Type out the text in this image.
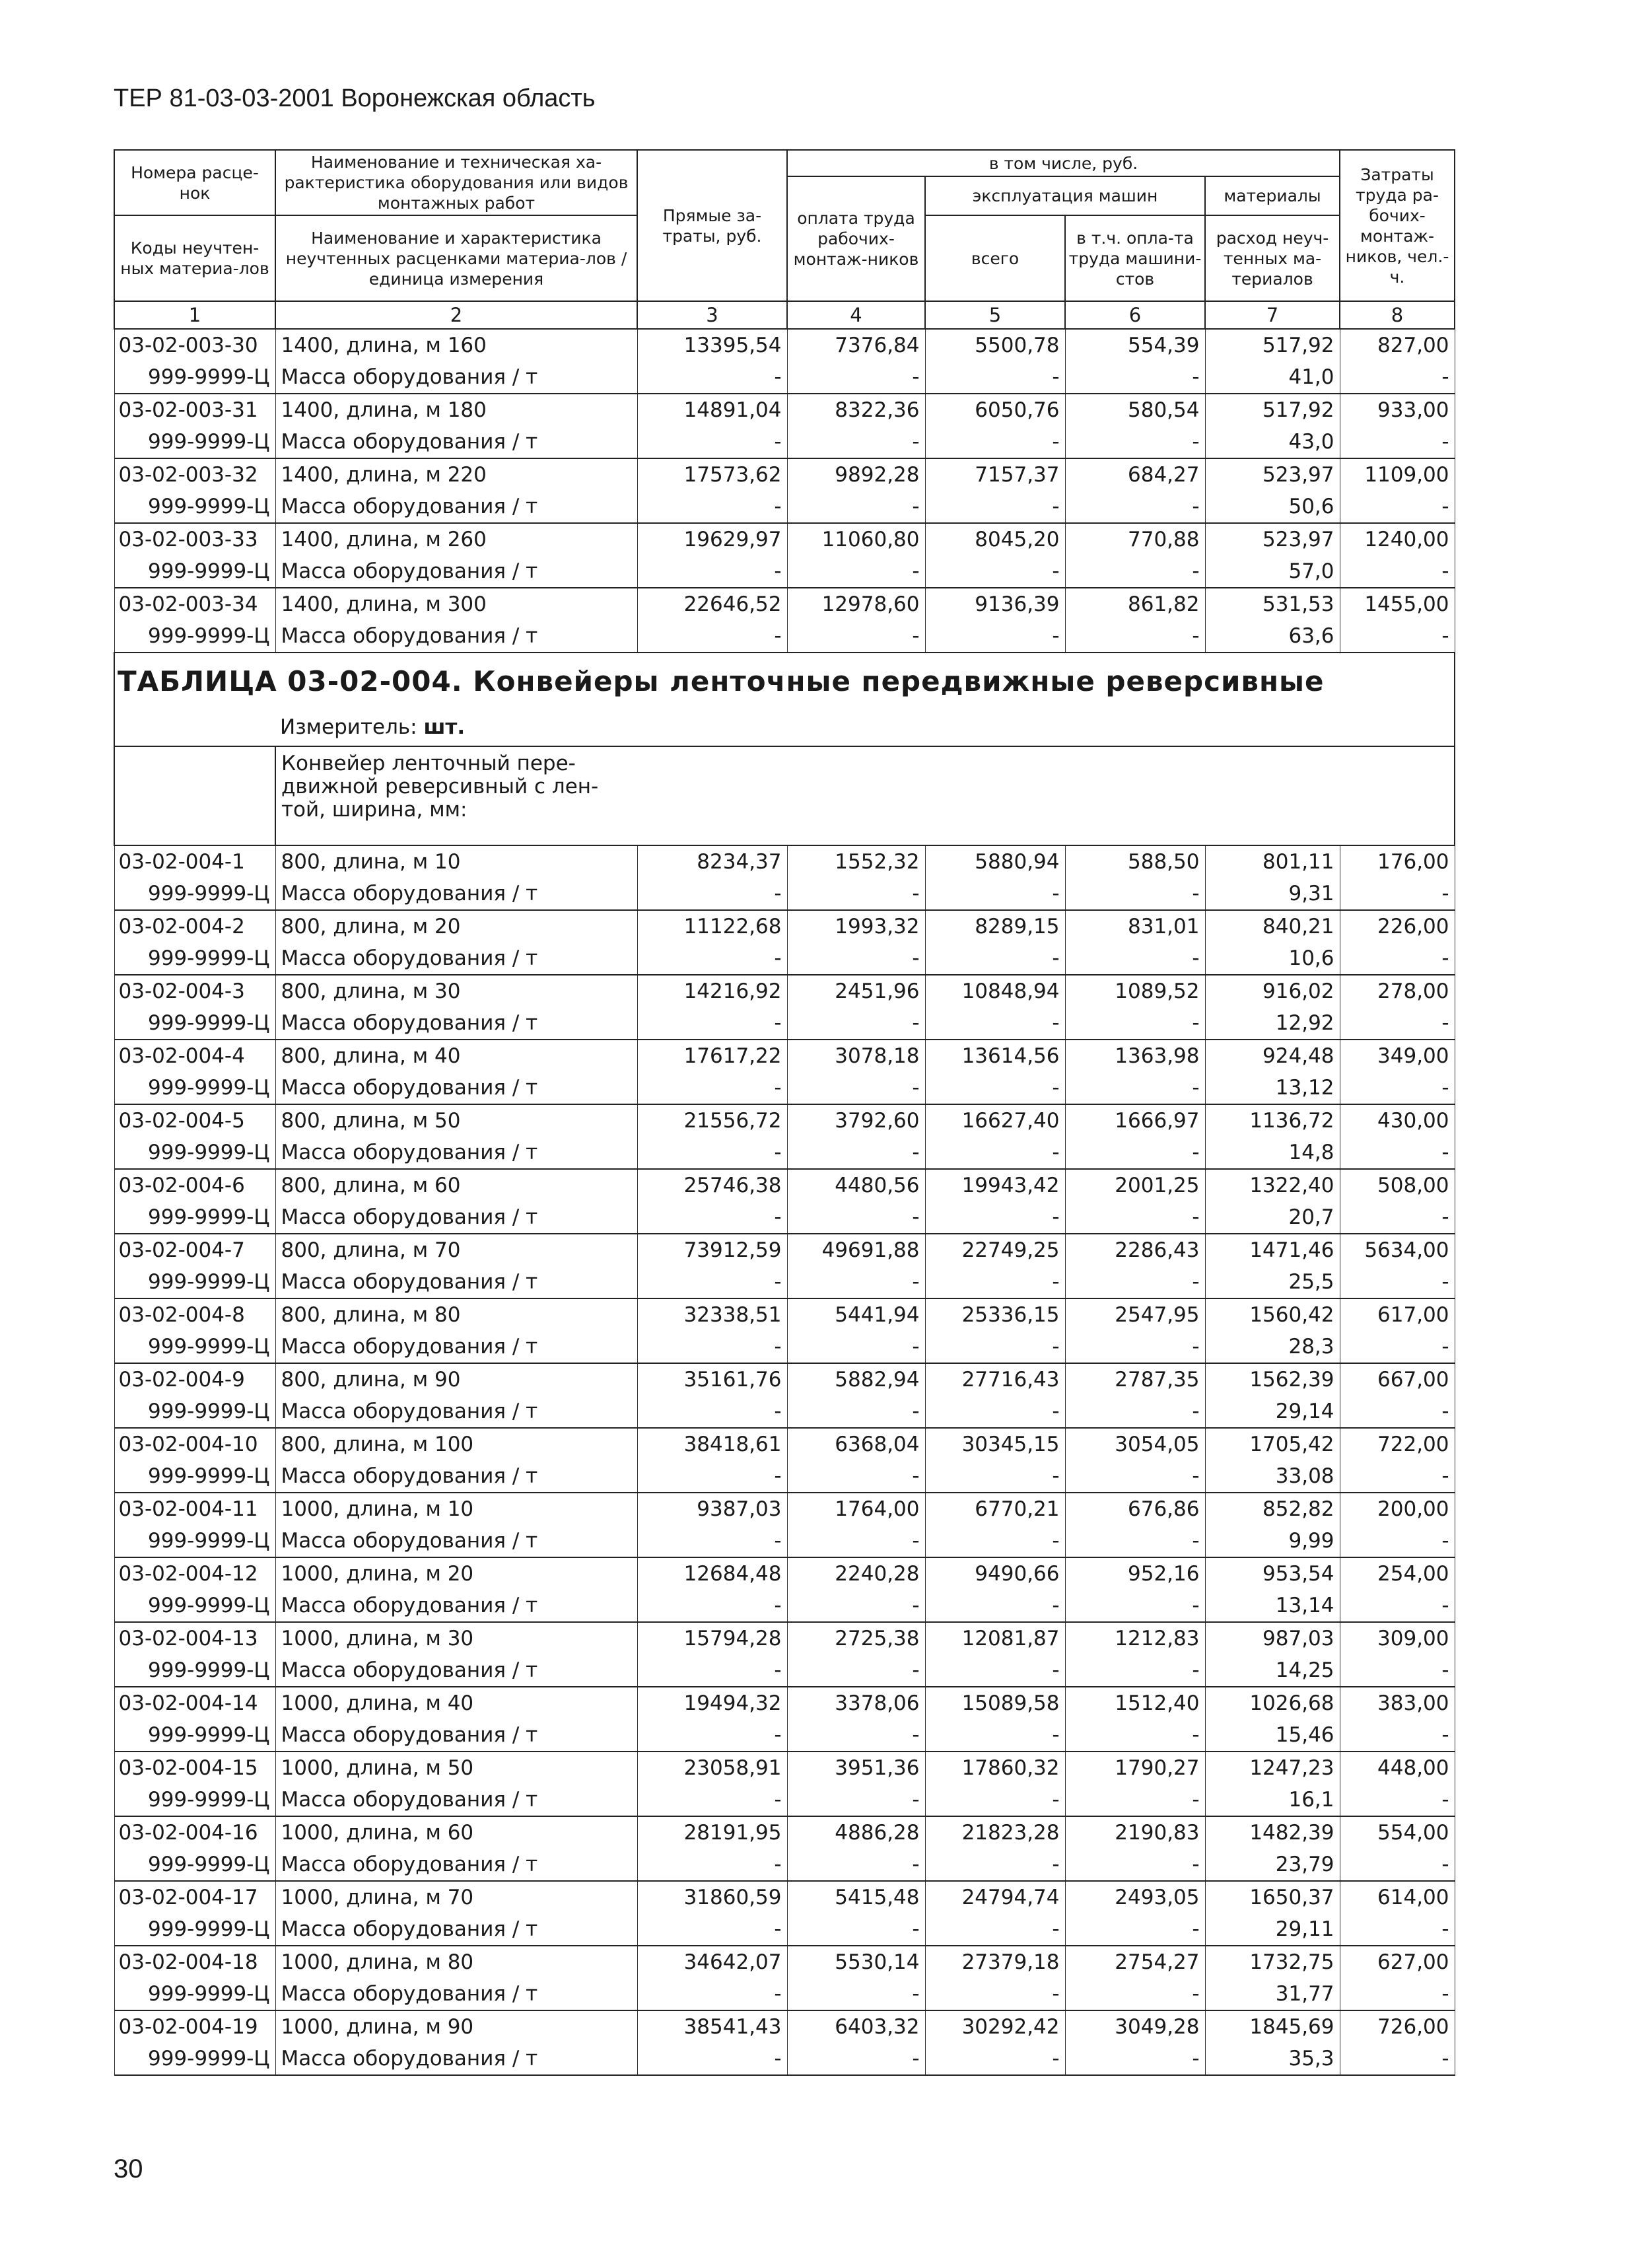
ТЕР 81-03-03-2001 Воронежская область
Номера расце-нок	Наименование и техническая ха-рактеристика оборудования или видов монтажных работ	Прямые за-траты, руб.	в том числе, руб.				Затраты труда ра-бочих-монтаж-ников, чел.-ч.
			оплата труда рабочих-монтаж-ников	эксплуатация машин		материалы	
Коды неучтен-ных материа-лов	Наименование и характеристика неучтенных расценками материа-лов / единица измерения			всего	в т.ч. опла-та труда машини-стов	расход неуч-тенных ма-териалов	

1	2	3	4	5	6	7	8
03-02-003-30	1400, длина, м 160	13395,54	7376,84	5500,78	554,39	517,92	827,00
999-9999-Ц	Масса оборудования / т	-	-	-	-	41,0	-
03-02-003-31	1400, длина, м 180	14891,04	8322,36	6050,76	580,54	517,92	933,00
999-9999-Ц	Масса оборудования / т	-	-	-	-	43,0	-
03-02-003-32	1400, длина, м 220	17573,62	9892,28	7157,37	684,27	523,97	1109,00
999-9999-Ц	Масса оборудования / т	-	-	-	-	50,6	-
03-02-003-33	1400, длина, м 260	19629,97	11060,80	8045,20	770,88	523,97	1240,00
999-9999-Ц	Масса оборудования / т	-	-	-	-	57,0	-
03-02-003-34	1400, длина, м 300	22646,52	12978,60	9136,39	861,82	531,53	1455,00
999-9999-Ц	Масса оборудования / т	-	-	-	-	63,6	-
ТАБЛИЦА 03-02-004. Конвейеры ленточные передвижные реверсивные							
Измеритель: шт.							

	Конвейер ленточный пере-движной реверсивный с лен-той, ширина, мм:						

03-02-004-1	800, длина, м 10	8234,37	1552,32	5880,94	588,50	801,11	176,00
999-9999-Ц	Масса оборудования / т	-	-	-	-	9,31	-
03-02-004-2	800, длина, м 20	11122,68	1993,32	8289,15	831,01	840,21	226,00
999-9999-Ц	Масса оборудования / т	-	-	-	-	10,6	-
03-02-004-3	800, длина, м 30	14216,92	2451,96	10848,94	1089,52	916,02	278,00
999-9999-Ц	Масса оборудования / т	-	-	-	-	12,92	-
03-02-004-4	800, длина, м 40	17617,22	3078,18	13614,56	1363,98	924,48	349,00
999-9999-Ц	Масса оборудования / т	-	-	-	-	13,12	-
03-02-004-5	800, длина, м 50	21556,72	3792,60	16627,40	1666,97	1136,72	430,00
999-9999-Ц	Масса оборудования / т	-	-	-	-	14,8	-
03-02-004-6	800, длина, м 60	25746,38	4480,56	19943,42	2001,25	1322,40	508,00
999-9999-Ц	Масса оборудования / т	-	-	-	-	20,7	-
03-02-004-7	800, длина, м 70	73912,59	49691,88	22749,25	2286,43	1471,46	5634,00
999-9999-Ц	Масса оборудования / т	-	-	-	-	25,5	-
03-02-004-8	800, длина, м 80	32338,51	5441,94	25336,15	2547,95	1560,42	617,00
999-9999-Ц	Масса оборудования / т	-	-	-	-	28,3	-
03-02-004-9	800, длина, м 90	35161,76	5882,94	27716,43	2787,35	1562,39	667,00
999-9999-Ц	Масса оборудования / т	-	-	-	-	29,14	-
03-02-004-10	800, длина, м 100	38418,61	6368,04	30345,15	3054,05	1705,42	722,00
999-9999-Ц	Масса оборудования / т	-	-	-	-	33,08	-
03-02-004-11	1000, длина, м 10	9387,03	1764,00	6770,21	676,86	852,82	200,00
999-9999-Ц	Масса оборудования / т	-	-	-	-	9,99	-
03-02-004-12	1000, длина, м 20	12684,48	2240,28	9490,66	952,16	953,54	254,00
999-9999-Ц	Масса оборудования / т	-	-	-	-	13,14	-
03-02-004-13	1000, длина, м 30	15794,28	2725,38	12081,87	1212,83	987,03	309,00
999-9999-Ц	Масса оборудования / т	-	-	-	-	14,25	-
03-02-004-14	1000, длина, м 40	19494,32	3378,06	15089,58	1512,40	1026,68	383,00
999-9999-Ц	Масса оборудования / т	-	-	-	-	15,46	-
03-02-004-15	1000, длина, м 50	23058,91	3951,36	17860,32	1790,27	1247,23	448,00
999-9999-Ц	Масса оборудования / т	-	-	-	-	16,1	-
03-02-004-16	1000, длина, м 60	28191,95	4886,28	21823,28	2190,83	1482,39	554,00
999-9999-Ц	Масса оборудования / т	-	-	-	-	23,79	-
03-02-004-17	1000, длина, м 70	31860,59	5415,48	24794,74	2493,05	1650,37	614,00
999-9999-Ц	Масса оборудования / т	-	-	-	-	29,11	-
03-02-004-18	1000, длина, м 80	34642,07	5530,14	27379,18	2754,27	1732,75	627,00
999-9999-Ц	Масса оборудования / т	-	-	-	-	31,77	-
03-02-004-19	1000, длина, м 90	38541,43	6403,32	30292,42	3049,28	1845,69	726,00
999-9999-Ц	Масса оборудования / т	-	-	-	-	35,3	-
30
